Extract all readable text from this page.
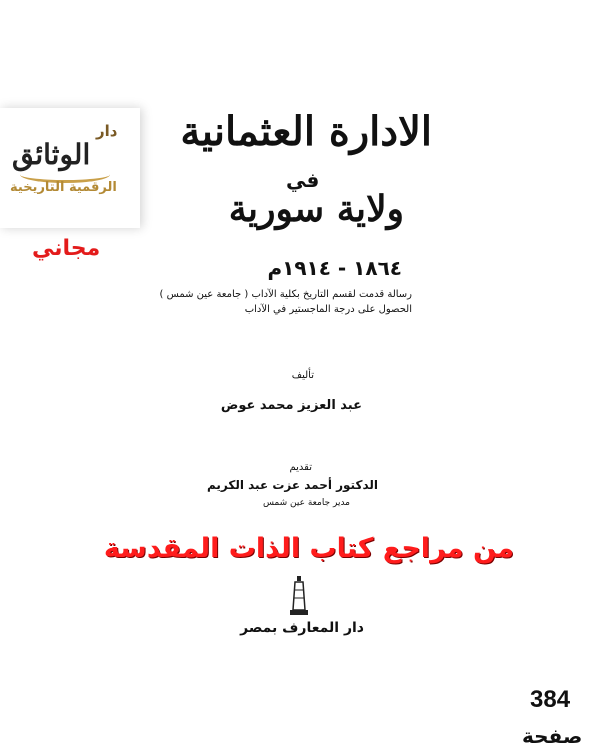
دار
الوثائق
الرقمية التاريخية
مجاني
الادارة العثمانية
في
ولاية سورية
١٨٦٤ - ١٩١٤م
رسالة قدمت لقسم التاريخ بكلية الآداب ( جامعة عين شمس )
الحصول على درجة الماجستير في الآداب
تأليف
عبد العزيز محمد عوض
تقديم
الدكتور أحمد عزت عبد الكريم
مدير جامعة عين شمس
من مراجع كتاب الذات المقدسة
دار المعارف بمصر
384
صفحة
